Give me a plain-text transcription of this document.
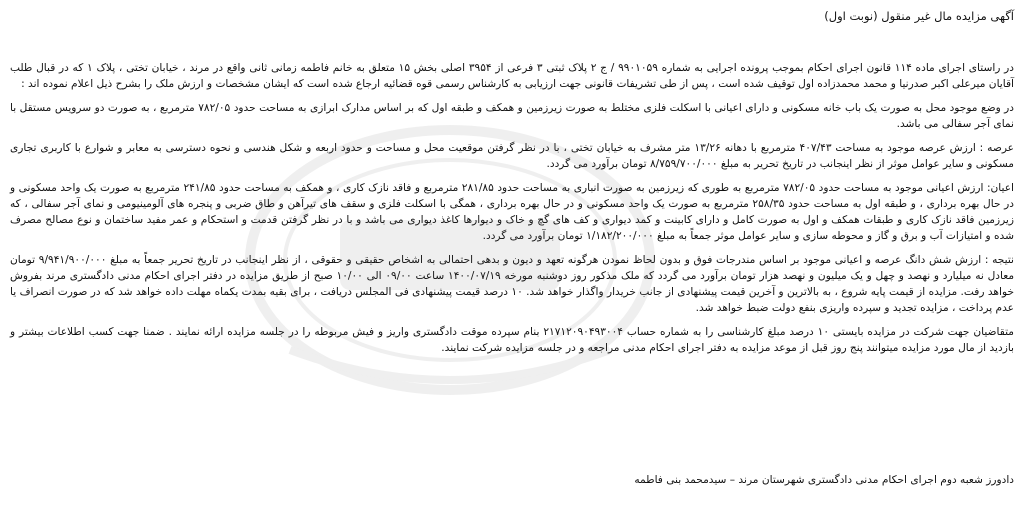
آگهی مزایده مال غیر منقول (نوبت اول)

در راستای اجرای ماده ۱۱۴ قانون اجرای احکام بموجب پرونده اجرایی به شماره ۹۹۰۱۰۵۹ / ج ۲ پلاک ثبتی ۳ فرعی از ۳۹۵۴ اصلی بخش ۱۵ متعلق به خانم فاطمه زمانی ثانی واقع در مرند ، خیابان تختی ، پلاک ۱ که در قبال طلب آقایان میرعلی اکبر صدرنیا و محمد محمدزاده اول توقیف شده است ، پس از طی تشریفات قانونی جهت ارزیابی به کارشناس رسمی قوه قضائیه ارجاع شده است که ایشان مشخصات و ارزش ملک را بشرح ذیل اعلام نموده اند :

در وضع موجود محل به صورت یک باب خانه مسکونی و دارای اعیانی با اسکلت فلزی مختلط به صورت زیرزمین و همکف و طبقه اول که بر اساس مدارک ابرازی به مساحت حدود ۷۸۲/۰۵ مترمربع ، به صورت دو سرویس مستقل با نمای آجر سفالی می باشد.

عرصه : ارزش عرصه موجود به مساحت ۴۰۷/۴۳ مترمربع با دهانه ۱۳/۲۶ متر مشرف به خیابان تختی ، با در نظر گرفتن موقعیت محل و مساحت و حدود اربعه و شکل هندسی و نحوه دسترسی به معابر و شوارع با کاربری تجاری مسکونی و سایر عوامل موثر از نظر اینجانب در تاریخ تحریر به مبلغ ۸/۷۵۹/۷۰۰/۰۰۰ تومان برآورد می گردد.

اعیان: ارزش اعیانی موجود به مساحت حدود ۷۸۲/۰۵ مترمربع به طوری که زیرزمین به صورت انباری به مساحت حدود ۲۸۱/۸۵ مترمربع و فاقد نازک کاری ، و همکف به مساحت حدود ۲۴۱/۸۵ مترمربع به صورت یک واحد مسکونی و در حال بهره برداری ، و طبقه اول به مساحت حدود ۲۵۸/۳۵ مترمربع به صورت یک واحد مسکونی و در حال بهره برداری ، همگی با اسکلت فلزی و سقف های تیرآهن و طاق ضربی و پنجره های آلومینیومی و نمای آجر سفالی ، که زیرزمین فاقد نازک کاری و طبقات همکف و اول به صورت کامل و دارای کابینت و کمد دیواری و کف های گچ و خاک و دیوارها کاغذ دیواری می باشد و با در نظر گرفتن قدمت و استحکام و عمر مفید ساختمان و نوع مصالح مصرف شده و امتیازات آب و برق و گاز و محوطه سازی و سایر عوامل موثر جمعاً به مبلغ ۱/۱۸۲/۲۰۰/۰۰۰ تومان برآورد می گردد.

نتیجه : ارزش شش دانگ عرصه و اعیانی موجود بر اساس مندرجات فوق و بدون لحاظ نمودن هرگونه تعهد و دیون و بدهی احتمالی به اشخاص حقیقی و حقوقی ، از نظر اینجانب در تاریخ تحریر جمعاً به مبلغ ۹/۹۴۱/۹۰۰/۰۰۰ تومان معادل نه میلیارد و نهصد و چهل و یک میلیون و نهصد هزار تومان برآورد می گردد که ملک مذکور روز دوشنبه مورخه ۱۴۰۰/۰۷/۱۹ ساعت ۰۹/۰۰ الی ۱۰/۰۰ صبح از طریق مزایده در دفتر اجرای احکام مدنی دادگستری مرند بفروش خواهد رفت. مزایده از قیمت پایه شروع ، به بالاترین و آخرین قیمت پیشنهادی از جانب خریدار واگذار خواهد شد. ۱۰ درصد قیمت پیشنهادی فی المجلس دریافت ، برای بقیه بمدت یکماه مهلت داده خواهد شد که در صورت انصراف یا عدم پرداخت ، مزایده تجدید و سپرده واریزی بنفع دولت ضبط خواهد شد.

متقاضیان جهت شرکت در مزایده بایستی ۱۰ درصد مبلغ کارشناسی را به شماره حساب ۲۱۷۱۲۰۹۰۴۹۳۰۰۴ بنام سپرده موقت دادگستری واریز و فیش مربوطه را در جلسه مزایده ارائه نمایند . ضمنا جهت کسب اطلاعات بیشتر و بازدید از مال مورد مزایده میتوانند پنج روز قبل از موعد مزایده به دفتر اجرای احکام مدنی مراجعه و در جلسه مزایده شرکت نمایند.

دادورز شعبه دوم اجرای احکام مدنی دادگستری شهرستان مرند – سیدمحمد بنی فاطمه
